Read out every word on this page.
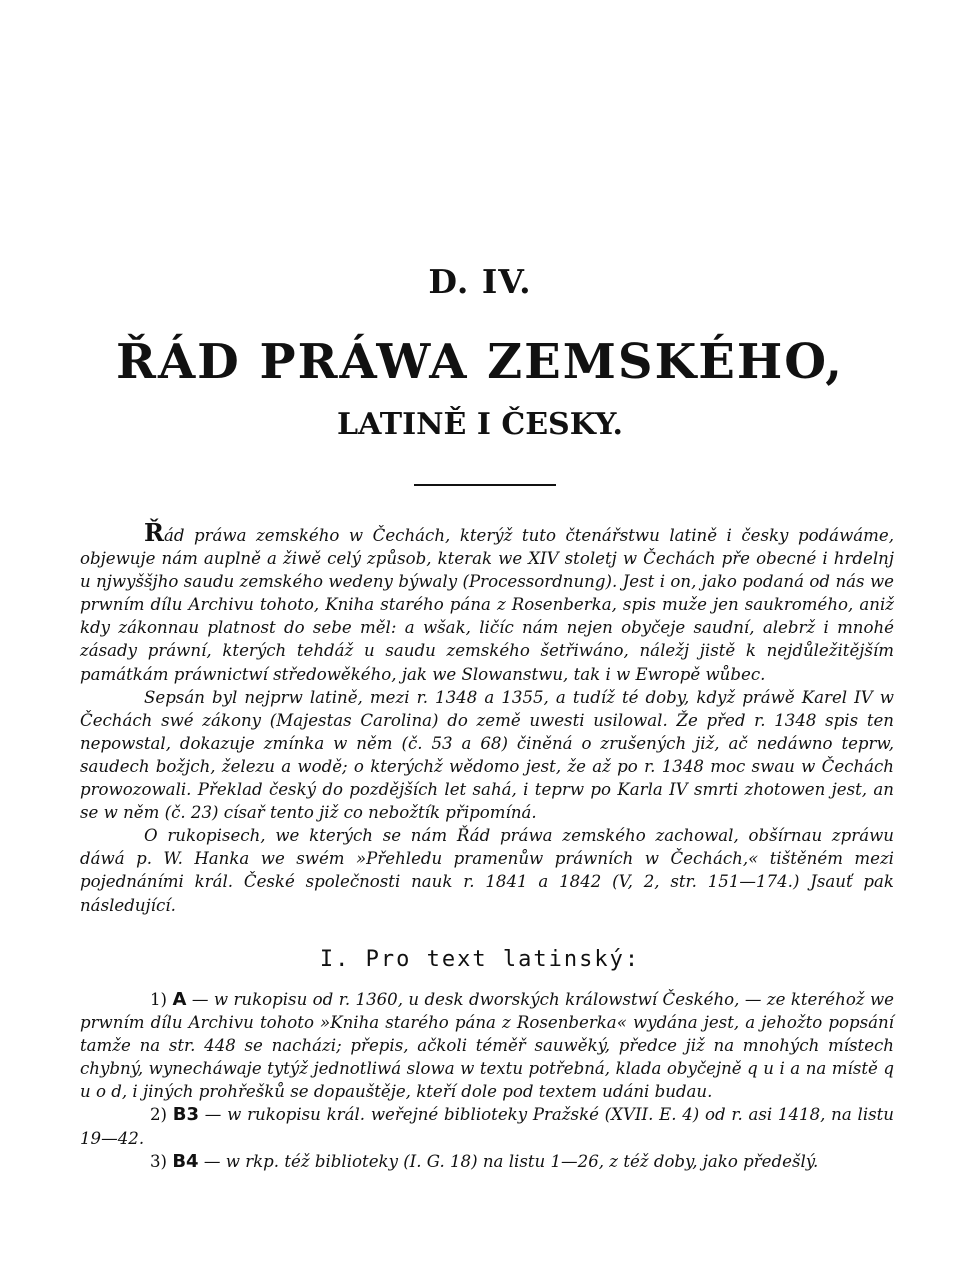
D. IV.
ŘÁD PRÁWA ZEMSKÉHO,
LATINĚ I ČESKY.

Řád práwa zemského w Čechách, kterýž tuto čtenářstwu latině i česky podáwáme, obјewuje nám auplně a žiwě celý způsob, kterak we XIV stoletj w Čechách pře obecné i hrdelnj u njwyššjho saudu zemského wedeny býwaly (Processordnung). Jest i on, jako podaná od nás we prwním dílu Archivu tohoto, Kniha starého pána z Rosenberka, spis muže jen saukromého, aniž kdy zákonnau platnost do sebe měl: a wšak, ličíc nám nejen obyčeje saudní, alebrž i mnohé zásady práwní, kterých tehdáž u saudu zemského šetřiwáno, náležj jistě k nejdůležitějším památkám práwnictwí středowěkého, jak we Slowanstwu, tak i w Ewropě wůbec.

Sepsán byl nejprw latině, mezi r. 1348 a 1355, a tudíž té doby, když práwě Karel IV w Čechách swé zákony (Majestas Carolina) do země uwesti usilowal. Že před r. 1348 spis ten nepowstal, dokazuje zmínka w něm (č. 53 a 68) činěná o zrušených již, ač nedáwno teprw, saudech božjch, železu a wodě; o kterýchž wědomo jest, že až po r. 1348 moc swau w Čechách prowozowali. Překlad český do pozdějších let sahá, i teprw po Karla IV smrti zhotowen jest, an se w něm (č. 23) císař tento již co nebožtík připomíná.

O rukopisech, we kterých se nám Řád práwa zemského zachowal, obšírnau zpráwu dáwá p. W. Hanka we swém »Přehledu pramenůw práwních w Čechách,« tištěném mezi pojednáními král. České společnosti nauk r. 1841 a 1842 (V, 2, str. 151—174.) Jsauť pak následující.

I. Pro text latinský:

1) A — w rukopisu od r. 1360, u desk dworských králowstwí Českého, — ze kteréhož we prwním dílu Archivu tohoto »Kniha starého pána z Rosenberka« wydána jest, a jehožto popsání tamže na str. 448 se nacházi; přepis, ačkoli téměř sauwěký, předce již na mnohých místech chybný, wynecháwaje tytýž jednotliwá slowa w textu potřebná, klada obyčejně q u i a na místě q u o d, i jiných prohřešků se dopauštěje, kteří dole pod textem udáni budau.

2) B3 — w rukopisu král. weřejné biblioteky Pražské (XVII. E. 4) od r. asi 1418, na listu 19—42.

3) B4 — w rkp. též biblioteky (I. G. 18) na listu 1—26, z též doby, jako předešlý.
